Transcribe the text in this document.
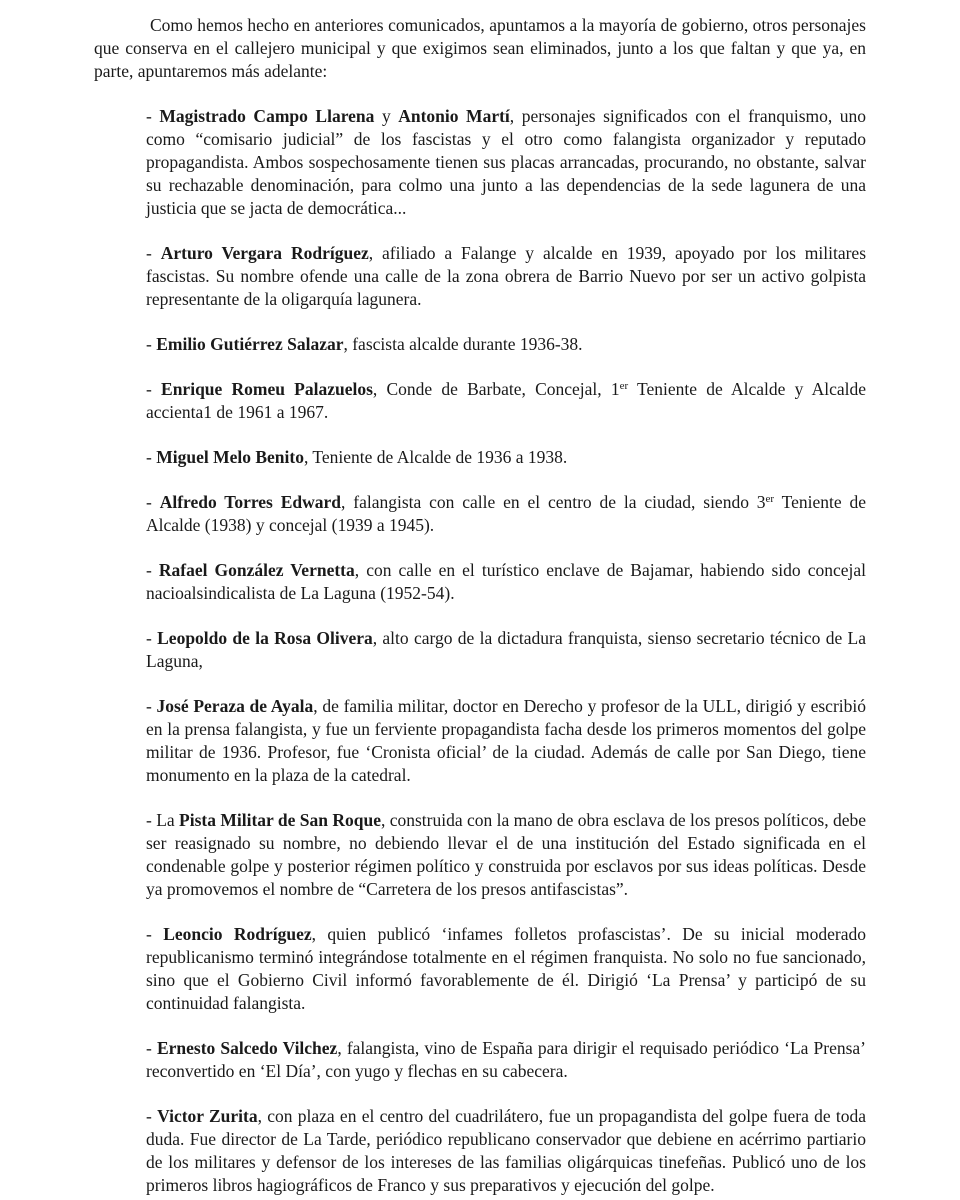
Como hemos hecho en anteriores comunicados, apuntamos a la mayoría de gobierno, otros personajes que conserva en el callejero municipal y que exigimos sean eliminados, junto a los que faltan y que ya, en parte, apuntaremos más adelante:

- Magistrado Campo Llarena y Antonio Martí, personajes significados con el franquismo, uno como “comisario judicial” de los fascistas y el otro como falangista organizador y reputado propagandista. Ambos sospechosamente tienen sus placas arrancadas, procurando, no obstante, salvar su rechazable denominación, para colmo una junto a las dependencias de la sede lagunera de una justicia que se jacta de democrática...

- Arturo Vergara Rodríguez, afiliado a Falange y alcalde en 1939, apoyado por los militares fascistas. Su nombre ofende una calle de la zona obrera de Barrio Nuevo por ser un activo golpista representante de la oligarquía lagunera.

- Emilio Gutiérrez Salazar, fascista alcalde durante 1936-38.

- Enrique Romeu Palazuelos, Conde de Barbate, Concejal, 1er Teniente de Alcalde y Alcalde accienta1 de 1961 a 1967.

- Miguel Melo Benito, Teniente de Alcalde de 1936 a 1938.

- Alfredo Torres Edward, falangista con calle en el centro de la ciudad, siendo 3er Teniente de Alcalde (1938) y concejal (1939 a 1945).

- Rafael González Vernetta, con calle en el turístico enclave de Bajamar, habiendo sido concejal nacioalsindicalista de La Laguna (1952-54).

- Leopoldo de la Rosa Olivera, alto cargo de la dictadura franquista, sienso secretario técnico de La Laguna,

- José Peraza de Ayala, de familia militar, doctor en Derecho y profesor de la ULL, dirigió y escribió en la prensa falangista, y fue un ferviente propagandista facha desde los primeros momentos del golpe militar de 1936. Profesor, fue ‘Cronista oficial’ de la ciudad. Además de calle por San Diego, tiene monumento en la plaza de la catedral.

- La Pista Militar de San Roque, construida con la mano de obra esclava de los presos políticos, debe ser reasignado su nombre, no debiendo llevar el de una institución del Estado significada en el condenable golpe y posterior régimen político y construida por esclavos por sus ideas políticas. Desde ya promovemos el nombre de “Carretera de los presos antifascistas”.

- Leoncio Rodríguez, quien publicó ‘infames folletos profascistas’. De su inicial moderado republicanismo terminó integrándose totalmente en el régimen franquista. No solo no fue sancionado, sino que el Gobierno Civil informó favorablemente de él. Dirigió ‘La Prensa’ y participó de su continuidad falangista.

- Ernesto Salcedo Vilchez, falangista, vino de España para dirigir el requisado periódico ‘La Prensa’ reconvertido en ‘El Día’, con yugo y flechas en su cabecera.

- Victor Zurita, con plaza en el centro del cuadrilátero, fue un propagandista del golpe fuera de toda duda. Fue director de La Tarde, periódico republicano conservador que debiene en acérrimo partiario de los militares y defensor de los intereses de las familias oligárquicas tinefeñas. Publicó uno de los primeros libros hagiográficos de Franco y sus preparativos y ejecución del golpe.
